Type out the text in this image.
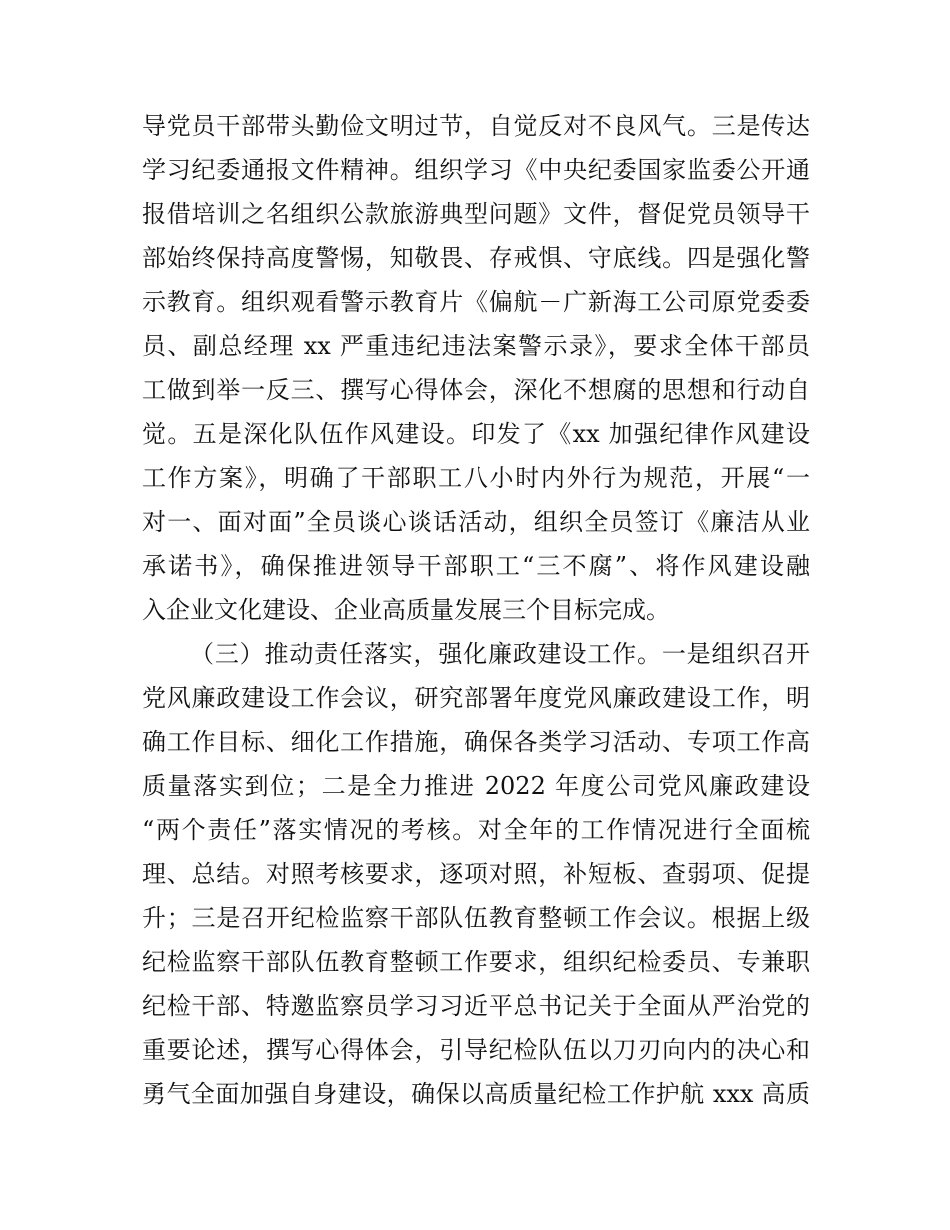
导党员干部带头勤俭文明过节，自觉反对不良风气。三是传达
学习纪委通报文件精神。组织学习《中央纪委国家监委公开通
报借培训之名组织公款旅游典型问题》文件，督促党员领导干
部始终保持高度警惕，知敬畏、存戒惧、守底线。四是强化警
示教育。组织观看警示教育片《偏航－广新海工公司原党委委
员、副总经理 xx 严重违纪违法案警示录》，要求全体干部员
工做到举一反三、撰写心得体会，深化不想腐的思想和行动自
觉。五是深化队伍作风建设。印发了《xx 加强纪律作风建设
工作方案》，明确了干部职工八小时内外行为规范，开展“一
对一、面对面”全员谈心谈话活动，组织全员签订《廉洁从业
承诺书》，确保推进领导干部职工“三不腐”、将作风建设融
入企业文化建设、企业高质量发展三个目标完成。
（三）推动责任落实，强化廉政建设工作。一是组织召开
党风廉政建设工作会议，研究部署年度党风廉政建设工作，明
确工作目标、细化工作措施，确保各类学习活动、专项工作高
质量落实到位；二是全力推进 2022 年度公司党风廉政建设
“两个责任”落实情况的考核。对全年的工作情况进行全面梳
理、总结。对照考核要求，逐项对照，补短板、查弱项、促提
升；三是召开纪检监察干部队伍教育整顿工作会议。根据上级
纪检监察干部队伍教育整顿工作要求，组织纪检委员、专兼职
纪检干部、特邀监察员学习习近平总书记关于全面从严治党的
重要论述，撰写心得体会，引导纪检队伍以刀刃向内的决心和
勇气全面加强自身建设，确保以高质量纪检工作护航 xxx 高质
